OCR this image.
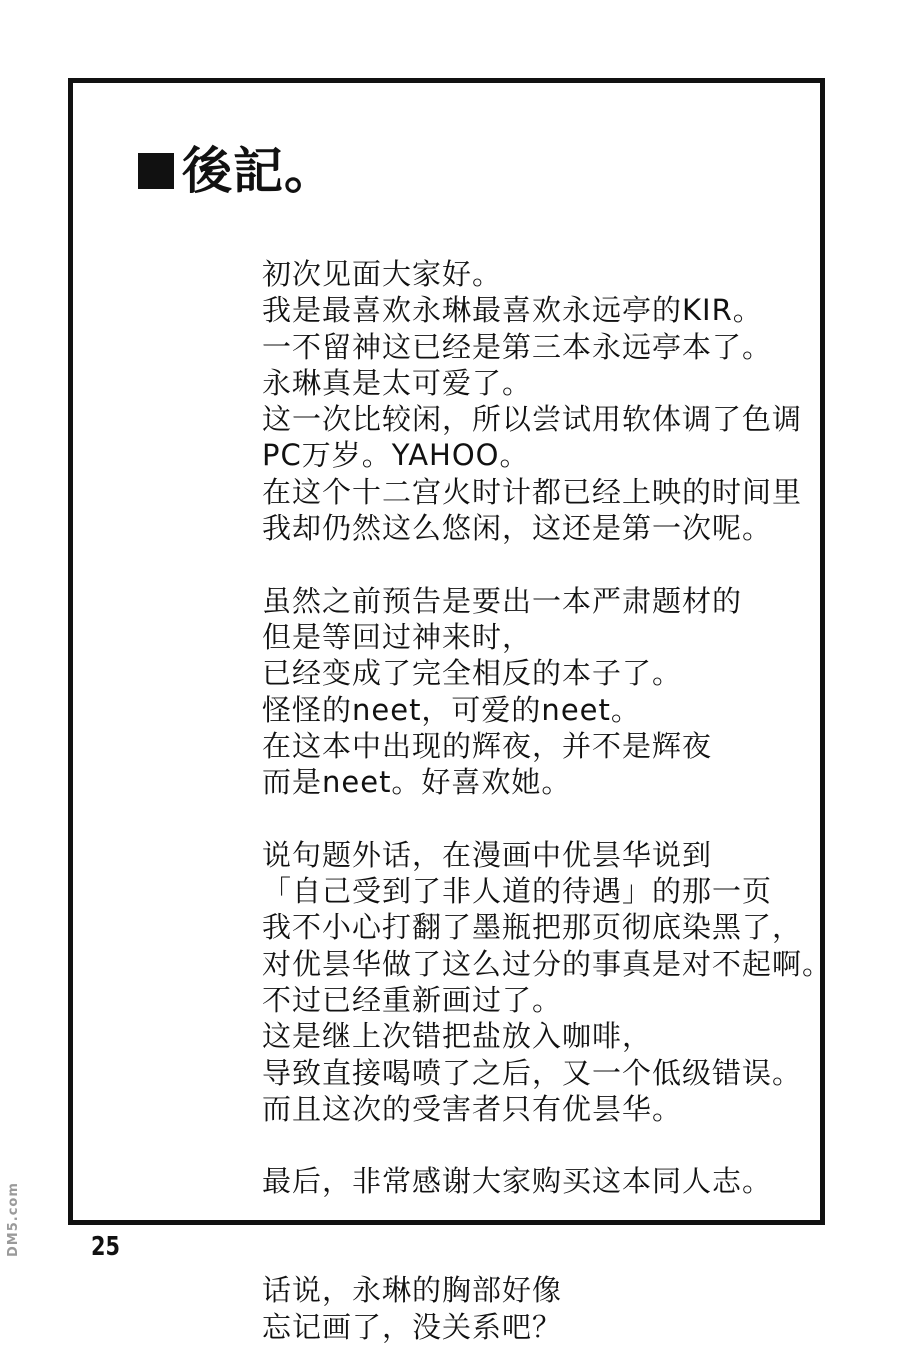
後記。
初次见面大家好。
我是最喜欢永琳最喜欢永远亭的KIR。
一不留神这已经是第三本永远亭本了。
永琳真是太可爱了。
这一次比较闲，所以尝试用软体调了色调
PC万岁。YAHOO。
在这个十二宫火时计都已经上映的时间里
我却仍然这么悠闲，这还是第一次呢。
虽然之前预告是要出一本严肃题材的
但是等回过神来时，
已经变成了完全相反的本子了。
怪怪的neet，可爱的neet。
在这本中出现的辉夜，并不是辉夜
而是neet。好喜欢她。
说句题外话，在漫画中优昙华说到
「自己受到了非人道的待遇」的那一页
我不小心打翻了墨瓶把那页彻底染黑了，
对优昙华做了这么过分的事真是对不起啊。
不过已经重新画过了。
这是继上次错把盐放入咖啡，
导致直接喝喷了之后，又一个低级错误。
而且这次的受害者只有优昙华。
最后，非常感谢大家购买这本同人志。
话说，永琳的胸部好像
忘记画了，没关系吧？
25
DM5.com
